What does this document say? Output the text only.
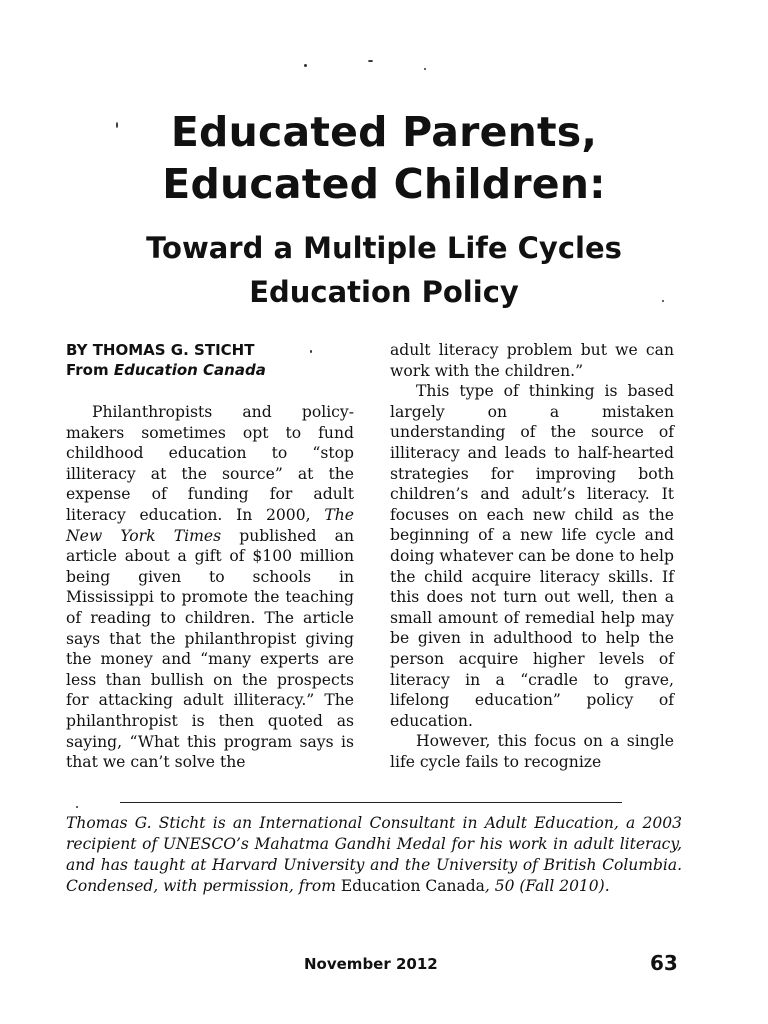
Educated Parents,
Educated Children:
Toward a Multiple Life Cycles
Education Policy
BY THOMAS G. STICHT
From Education Canada

Philanthropists and policy-makers sometimes opt to fund childhood education to “stop illiteracy at the source” at the expense of funding for adult literacy education. In 2000, The New York Times published an article about a gift of $100 million being given to schools in Mississippi to promote the teaching of reading to children. The article says that the philanthropist giving the money and “many experts are less than bullish on the prospects for attacking adult illiteracy.” The philanthropist is then quoted as saying, “What this program says is that we can’t solve the

adult literacy problem but we can work with the children.”

This type of thinking is based largely on a mistaken understanding of the source of illiteracy and leads to half-hearted strategies for improving both children’s and adult’s literacy. It focuses on each new child as the beginning of a new life cycle and doing whatever can be done to help the child acquire literacy skills. If this does not turn out well, then a small amount of remedial help may be given in adulthood to help the person acquire higher levels of literacy in a “cradle to grave, lifelong education” policy of education.

However, this focus on a single life cycle fails to recognize

Thomas G. Sticht is an International Consultant in Adult Education, a 2003 recipient of UNESCO’s Mahatma Gandhi Medal for his work in adult literacy, and has taught at Harvard University and the University of British Columbia. Condensed, with permission, from Education Canada, 50 (Fall 2010).
November 2012	63
